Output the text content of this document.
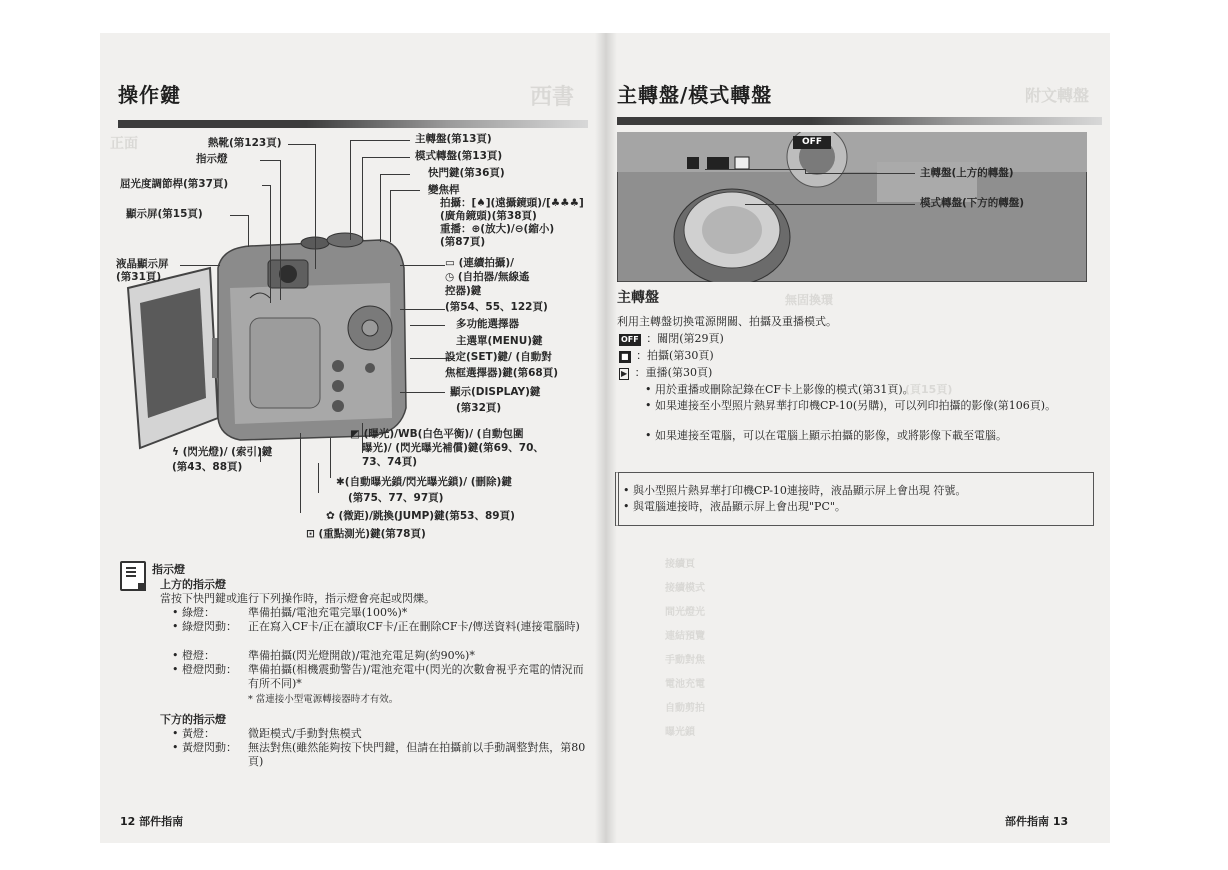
西書
正面
操作鍵
熱靴(第123頁)
指示燈
屈光度調節桿(第37頁)
顯示屏(第15頁)
液晶顯示屏
(第31頁)
主轉盤(第13頁)
模式轉盤(第13頁)
快門鍵(第36頁)
變焦桿
拍攝：[♠](遠攝鏡頭)/[♣♣♣]
(廣角鏡頭)(第38頁)
重播：⊕(放大)/⊖(縮小)
(第87頁)
▭ (連續拍攝)/
◷ (自拍器/無線遙
控器)鍵
(第54、55、122頁)
多功能選擇器
主選單(MENU)鍵
設定(SET)鍵/ (自動對
焦框選擇器)鍵(第68頁)
顯示(DISPLAY)鍵
(第32頁)
◩ (曝光)/WB(白色平衡)/ (自動包圍
曝光)/ (閃光曝光補償)鍵(第69、70、
73、74頁)
✱(自動曝光鎖/閃光曝光鎖)/ (刪除)鍵
(第75、77、97頁)
✿ (微距)/跳換(JUMP)鍵(第53、89頁)
⊡ (重點測光)鍵(第78頁)
ϟ (閃光燈)/ (索引)鍵
(第43、88頁)
指示燈
上方的指示燈
當按下快門鍵或進行下列操作時，指示燈會亮起或閃爍。
• 綠燈：	準備拍攝/電池充電完畢(100%)*
• 綠燈閃動：	正在寫入CF卡/正在讀取CF卡/正在刪除CF卡/傳送資料(連接電腦時)
• 橙燈：	準備拍攝(閃光燈開啟)/電池充電足夠(約90%)*
• 橙燈閃動：	準備拍攝(相機震動警告)/電池充電中(閃光的次數會視乎充電的情況而有所不同)*
* 當連接小型電源轉接器時才有效。
下方的指示燈
• 黃燈：	微距模式/手動對焦模式
• 黃燈閃動：	無法對焦(雖然能夠按下快門鍵，但請在拍攝前以手動調整對焦，第80頁)
12 部件指南
附文轉盤
主轉盤/模式轉盤
OFF
主轉盤(上方的轉盤)
模式轉盤(下方的轉盤)
主轉盤
利用主轉盤切換電源開關、拍攝及重播模式。
OFF ：關閉(第29頁)
■ ：拍攝(第30頁)
▶ ：重播(第30頁)
• 用於重播或刪除記錄在CF卡上影像的模式(第31頁)。
• 如果連接至小型照片熱昇華打印機CP-10(另購)，可以列印拍攝的影像(第106頁)。
• 如果連接至電腦，可以在電腦上顯示拍攝的影像，或將影像下載至電腦。
• 與小型照片熱昇華打印機CP-10連接時，液晶顯示屏上會出現 符號。
• 與電腦連接時，液晶顯示屏上會出現"PC"。
無固換環
(頁15頁)
接續頁
接續模式
間光燈光
連結預覽
手動對焦
電池充電
自動剪拍
曝光鎖
部件指南 13
